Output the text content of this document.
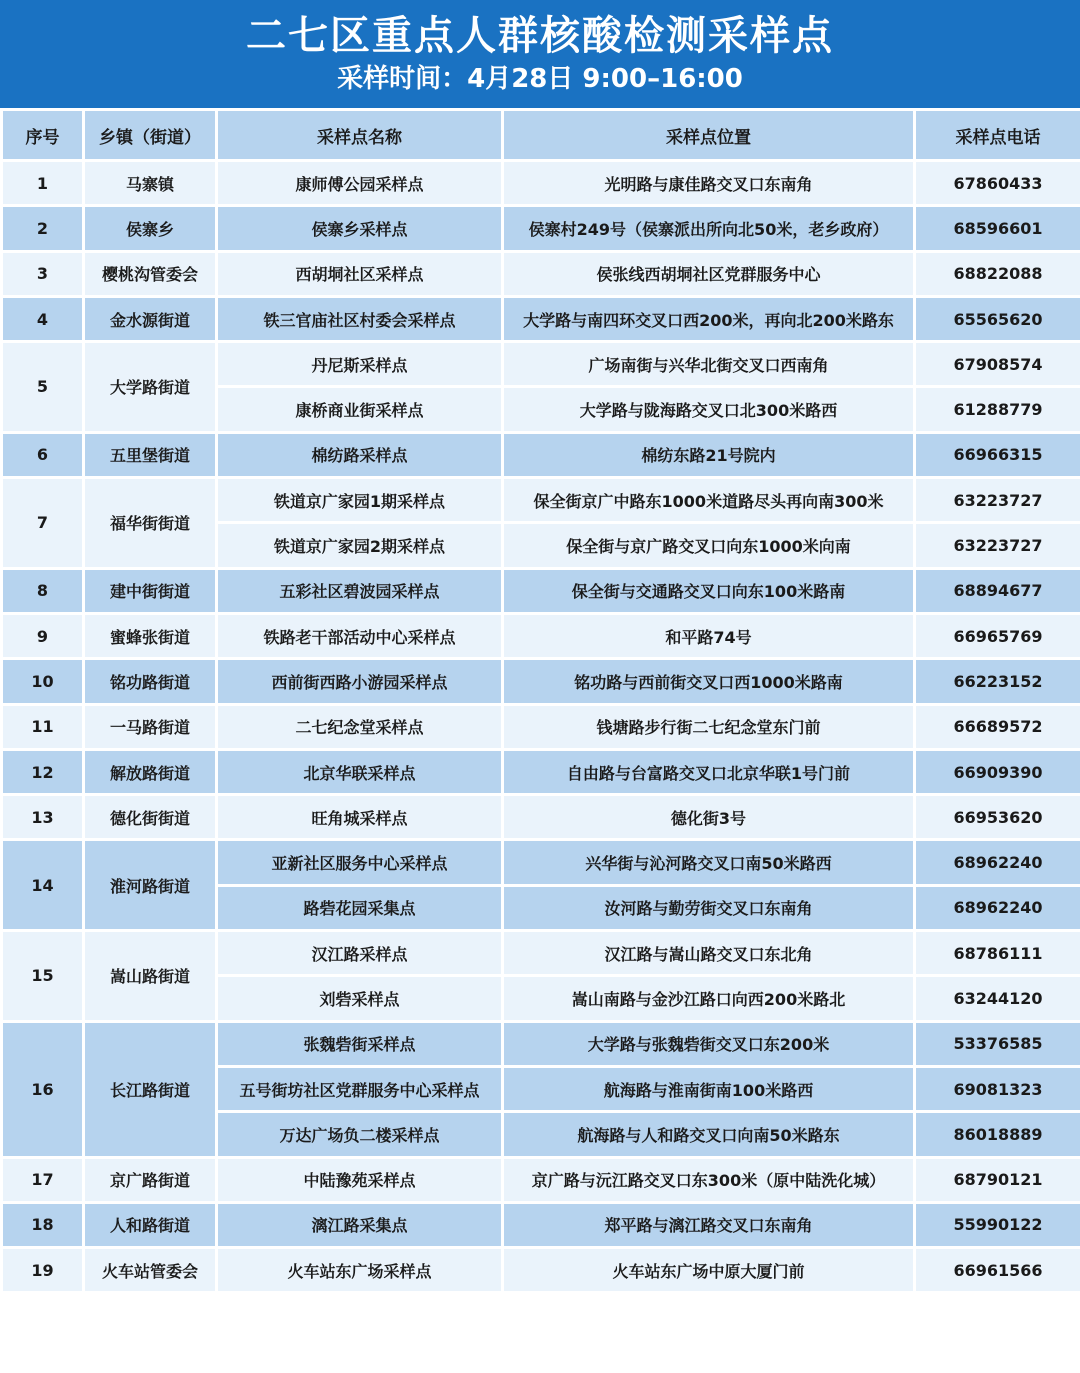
二七区重点人群核酸检测采样点
采样时间：4月28日 9:00–16:00
序号	乡镇（街道）	采样点名称	采样点位置	采样点电话
1	马寨镇	康师傅公园采样点	光明路与康佳路交叉口东南角	67860433
2	侯寨乡	侯寨乡采样点	侯寨村249号（侯寨派出所向北50米，老乡政府）	68596601
3	樱桃沟管委会	西胡垌社区采样点	侯张线西胡垌社区党群服务中心	68822088
4	金水源街道	铁三官庙社区村委会采样点	大学路与南四环交叉口西200米，再向北200米路东	65565620
5	大学路街道	丹尼斯采样点	广场南街与兴华北街交叉口西南角	67908574
		康桥商业街采样点	大学路与陇海路交叉口北300米路西	61288779
6	五里堡街道	棉纺路采样点	棉纺东路21号院内	66966315
7	福华街街道	铁道京广家园1期采样点	保全街京广中路东1000米道路尽头再向南300米	63223727
		铁道京广家园2期采样点	保全街与京广路交叉口向东1000米向南	63223727
8	建中街街道	五彩社区碧波园采样点	保全街与交通路交叉口向东100米路南	68894677
9	蜜蜂张街道	铁路老干部活动中心采样点	和平路74号	66965769
10	铭功路街道	西前街西路小游园采样点	铭功路与西前街交叉口西1000米路南	66223152
11	一马路街道	二七纪念堂采样点	钱塘路步行街二七纪念堂东门前	66689572
12	解放路街道	北京华联采样点	自由路与台富路交叉口北京华联1号门前	66909390
13	德化街街道	旺角城采样点	德化街3号	66953620
14	淮河路街道	亚新社区服务中心采样点	兴华街与沁河路交叉口南50米路西	68962240
		路砦花园采集点	汝河路与勤劳街交叉口东南角	68962240
15	嵩山路街道	汉江路采样点	汉江路与嵩山路交叉口东北角	68786111
		刘砦采样点	嵩山南路与金沙江路口向西200米路北	63244120
16	长江路街道	张魏砦街采样点	大学路与张魏砦街交叉口东200米	53376585
		五号街坊社区党群服务中心采样点	航海路与淮南街南100米路西	69081323
		万达广场负二楼采样点	航海路与人和路交叉口向南50米路东	86018889
17	京广路街道	中陆豫苑采样点	京广路与沅江路交叉口东300米（原中陆洗化城）	68790121
18	人和路街道	漓江路采集点	郑平路与漓江路交叉口东南角	55990122
19	火车站管委会	火车站东广场采样点	火车站东广场中原大厦门前	66961566
